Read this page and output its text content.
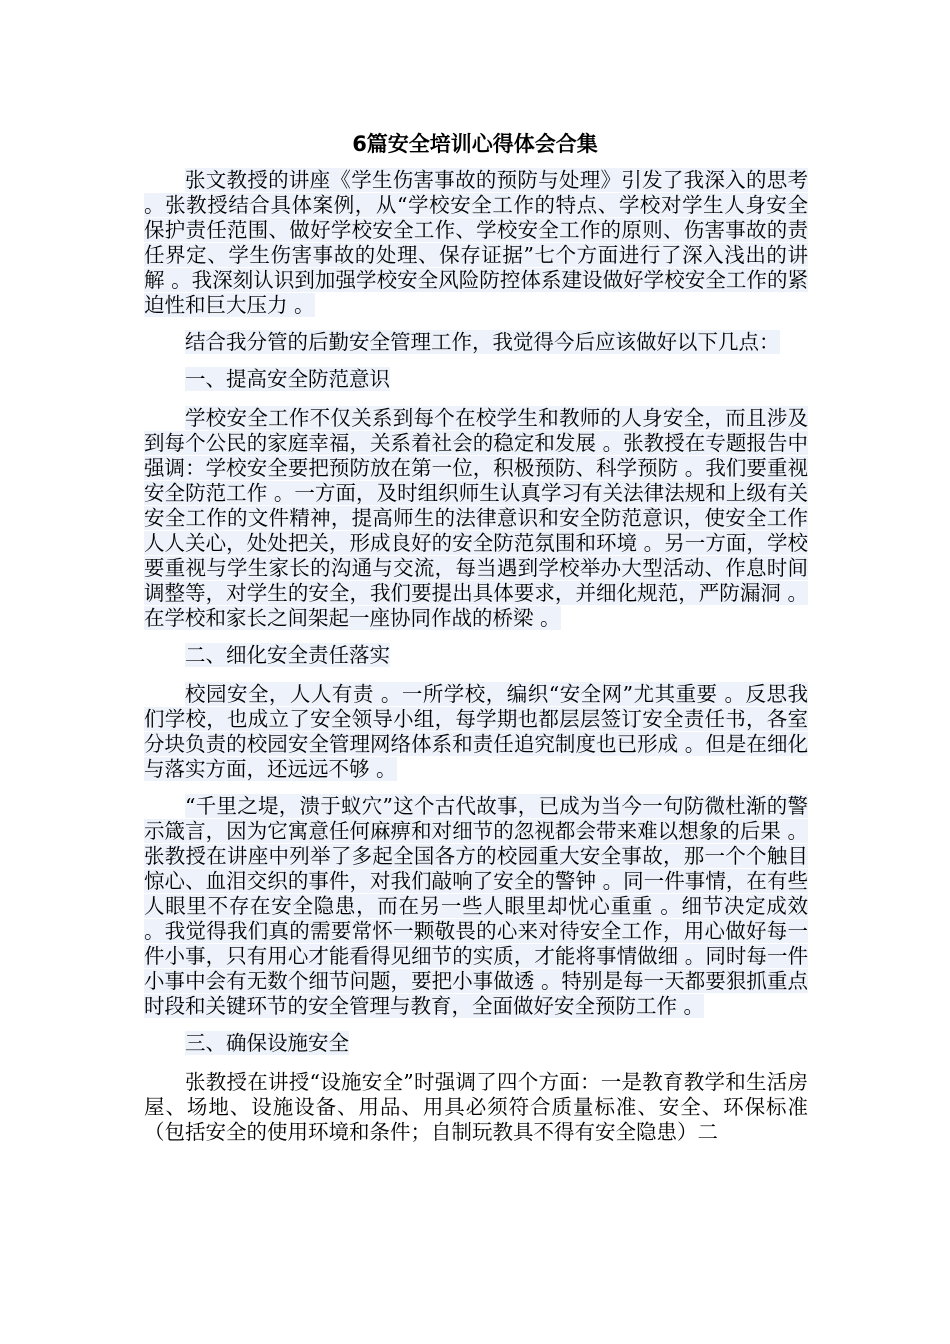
6篇安全培训心得体会合集

张文教授的讲座《学生伤害事故的预防与处理》引发了我深入的思考 。张教授结合具体案例，从“学校安全工作的特点、学校对学生人身安全保护责任范围、做好学校安全工作、学校安全工作的原则、伤害事故的责任界定、学生伤害事故的处理、保存证据”七个方面进行了深入浅出的讲解 。我深刻认识到加强学校安全风险防控体系建设做好学校安全工作的紧迫性和巨大压力 。

结合我分管的后勤安全管理工作，我觉得今后应该做好以下几点：

一、提高安全防范意识

学校安全工作不仅关系到每个在校学生和教师的人身安全，而且涉及到每个公民的家庭幸福，关系着社会的稳定和发展 。张教授在专题报告中强调：学校安全要把预防放在第一位，积极预防、科学预防 。我们要重视安全防范工作 。一方面，及时组织师生认真学习有关法律法规和上级有关安全工作的文件精神，提高师生的法律意识和安全防范意识，使安全工作人人关心，处处把关，形成良好的安全防范氛围和环境 。另一方面，学校要重视与学生家长的沟通与交流，每当遇到学校举办大型活动、作息时间调整等，对学生的安全，我们要提出具体要求，并细化规范，严防漏洞 。在学校和家长之间架起一座协同作战的桥梁 。

二、细化安全责任落实

校园安全，人人有责 。一所学校，编织“安全网”尤其重要 。反思我们学校，也成立了安全领导小组，每学期也都层层签订安全责任书，各室分块负责的校园安全管理网络体系和责任追究制度也已形成 。但是在细化与落实方面，还远远不够 。

“千里之堤，溃于蚁穴”这个古代故事，已成为当今一句防微杜渐的警示箴言，因为它寓意任何麻痹和对细节的忽视都会带来难以想象的后果 。张教授在讲座中列举了多起全国各方的校园重大安全事故，那一个个触目惊心、血泪交织的事件，对我们敲响了安全的警钟 。同一件事情，在有些人眼里不存在安全隐患，而在另一些人眼里却忧心重重 。细节决定成效 。我觉得我们真的需要常怀一颗敬畏的心来对待安全工作，用心做好每一件小事，只有用心才能看得见细节的实质，才能将事情做细 。同时每一件小事中会有无数个细节问题，要把小事做透 。特别是每一天都要狠抓重点时段和关键环节的安全管理与教育，全面做好安全预防工作 。

三、确保设施安全

张教授在讲授“设施安全”时强调了四个方面：一是教育教学和生活房屋、场地、设施设备、用品、用具必须符合质量标准、安全、环保标准（包括安全的使用环境和条件；自制玩教具不得有安全隐患）二
